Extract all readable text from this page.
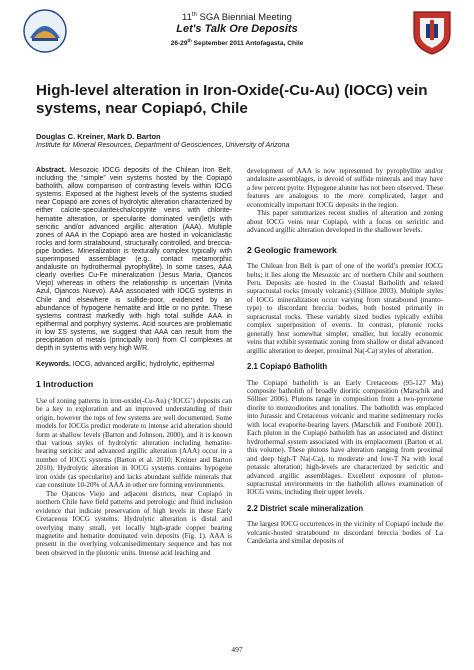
11th SGA Biennial Meeting
Let's Talk Ore Deposits
26-29th September 2011 Antofagasta, Chile
High-level alteration in Iron-Oxide(-Cu-Au) (IOCG) vein
systems, near Copiapó, Chile
Douglas C. Kreiner, Mark D. Barton
Institute for Mineral Resources, Department of Geosciences, University of Arizona
Abstract. Mesozoic IOCG deposits of the Chilean Iron Belt, including the “simple” vein systems hosted by the Copiapó batholith, allow comparison of contrasting levels within IOCG systems. Exposed at the highest levels of the systems studied near Copiapó are zones of hydrolytic alteration characterized by either calcite-specularite±chalcopyrite veins with chlorite-hematite alteration, or specularite dominated vein(let)s with sericitic and/or advanced argillic alteration (AAA). Multiple zones of AAA in the Copiapó area are hosted in volcaniclastic rocks and form stratabound, structurally controlled, and breccia-pipe bodies. Mineralization is texturally complex typically with superimposed assemblage (e.g., contact metamorphic andalusite on hydrothermal pyrophyllite). In some cases, AAA clearly overlies Cu-Fe mineralization (Jesus Maria, Ojancos Viejo) whereas in others the relationship is uncertain (Vinita Azul, Ojancos Nuevo). AAA associated with IOCG systems in Chile and elsewhere is sulfide-poor, evidenced by an abundance of hypogene hematite and little or no pyrite. These systems contrast markedly with high total sulfide AAA in epithermal and porphyry systems. Acid sources are problematic in low ΣS systems, we suggest that AAA can result from the precipitation of metals (principally iron) from Cl complexes at depth in systems with very high W/R.
Keywords. IOCG, advanced argillic, hydrolytic, epithermal
1 Introduction
Use of zoning patterns in iron-oxide(-Cu-Au) (‘IOCG’) deposits can be a key to exploration and an improved understanding of their origin, however the tops of few systems are well documented. Some models for IOCGs predict moderate to intense acid alteration should form at shallow levels (Barton and Johnson, 2000), and it is known that various styles of hydrolytic alteration including hematite-bearing sericitic and advanced argillic alteration (AAA) occur in a number of IOCG systems (Barton et al. 2010; Kreiner and Barton 2010). Hydrolytic alteration in IOCG systems contains hypogene iron oxide (as specularite) and lacks abundant sulfide minerals that can constitute 10-20% of AAA in other ore forming environments.
The Ojancos Viejo and adjacent districts, near Copiapó in northern Chile have field patterns and petrologic and fluid inclusion evidence that indicate preservation of high levels in these Early Cretaceous IOCG systems. Hydrolytic alteration is distal and overlying many small, yet locally high-grade copper bearing magnetite and hematite dominated vein deposits (Fig. 1). AAA is present in the overlying volcanisedimentary sequence and has not been observed in the plutonic units. Intense acid leaching and
development of AAA is now represented by pyrophyllite and/or andalusite assemblages, is devoid of sulfide minerals and may have a few percent pyrite. Hypogene alunite has not been observed. These features are analogous to the more complicated, larger and economically important IOCG deposits in the region.
This paper summarizes recent studies of alteration and zoning about IOCG veins near Copiapó, with a focus on sericitic and advanced argillic alteration developed in the shallower levels.
2 Geologic framework
The Chilean Iron Belt is part of one of the world’s premier IOCG belts; it lies along the Mesozoic arc of northern Chile and southern Peru. Deposits are hosted in the Coastal Batholith and related supracrustal rocks (mostly volcanic) (Sillitoe 2003). Multiple styles of IOCG mineralization occur varying from stratabound (manto-type) to discordant breccia bodies, both hosted primarily in supracrustal rocks. These variably sized bodies typically exhibit complex superposition of events. In contrast, plutonic rocks generally host somewhat simpler, smaller, but locally economic veins that exhibit systematic zoning from shallow or distal advanced argillic alteration to deeper, proximal Na(-Ca) styles of alteration.
2.1 Copiapó Batholith
The Copiapó batholith is an Early Cretaceous (95-127 Ma) composite batholith of broadly dioritic composition (Marschik and Söllner 2006). Plutons range in composition from a two-pyroxene diorite to monzodiorites and tonalites. The batholith was emplaced into Jurassic and Cretaceous volcanic and marine sedimentary rocks with local evaporite-bearing layers (Marschik and Fontboté 2001). Each pluton in the Copiapó batholith has an associated and distinct hydrothermal system associated with its emplacement (Barton et al. this volume). These plutons have alteration ranging from proximal and deep high-T Na(-Ca), to moderate and low-T Na with local potassic alteration; high-levels are characterized by sericitic and advanced argillic assemblages. Excellent exposure of pluton-supracrustal environments in the batholith allows examination of IOCG veins, including their upper levels.
2.2 District scale mineralization
The largest IOCG occurrences in the vicinity of Copiapó include the volcanic-hosted stratabound to discordant breccia bodies of La Candelaria and similar deposits of
497
